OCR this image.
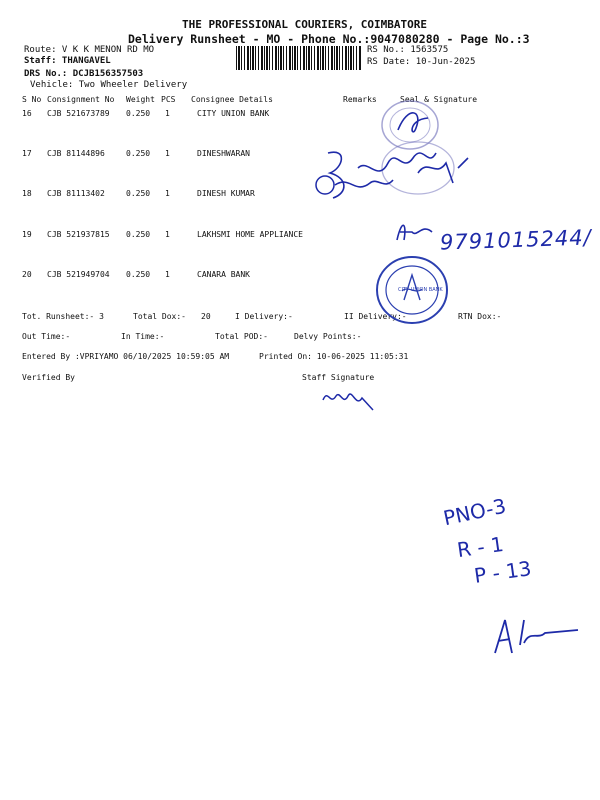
THE PROFESSIONAL COURIERS, COIMBATORE
Delivery Runsheet - MO - Phone No.:9047080280 - Page No.:3
Route: V K K MENON RD MO
Staff: THANGAVEL
DRS No.: DCJB156357503
Vehicle: Two Wheeler Delivery
RS No.: 1563575
RS Date: 10-Jun-2025
S No Consignment No Weight PCS Consignee Details	Remarks	Seal & Signature
16 CJB 521673789 0.250 1	CITY UNION BANK
17 CJB 81144896	0.250 1	DINESHWARAN
18 CJB 81113402	0.250 1	DINESH KUMAR
19 CJB 521937815 0.250 1	LAKHSMI HOME APPLIANCE
20 CJB 521949704 0.250 1	CANARA BANK
Tot. Runsheet:- 3	Total Dox:- 20	I Delivery:-	II Delivery:-	RTN Dox:-
Out Time:-	In Time:-	Total POD:-	Delvy Points:-
Entered By :VPRIYAMO 06/10/2025 10:59:05 AM	Printed On: 10-06-2025 11:05:31
Verified By	Staff Signature
9791015244/
CITY UNION BANK
PNO-3
R - 1
P - 13
